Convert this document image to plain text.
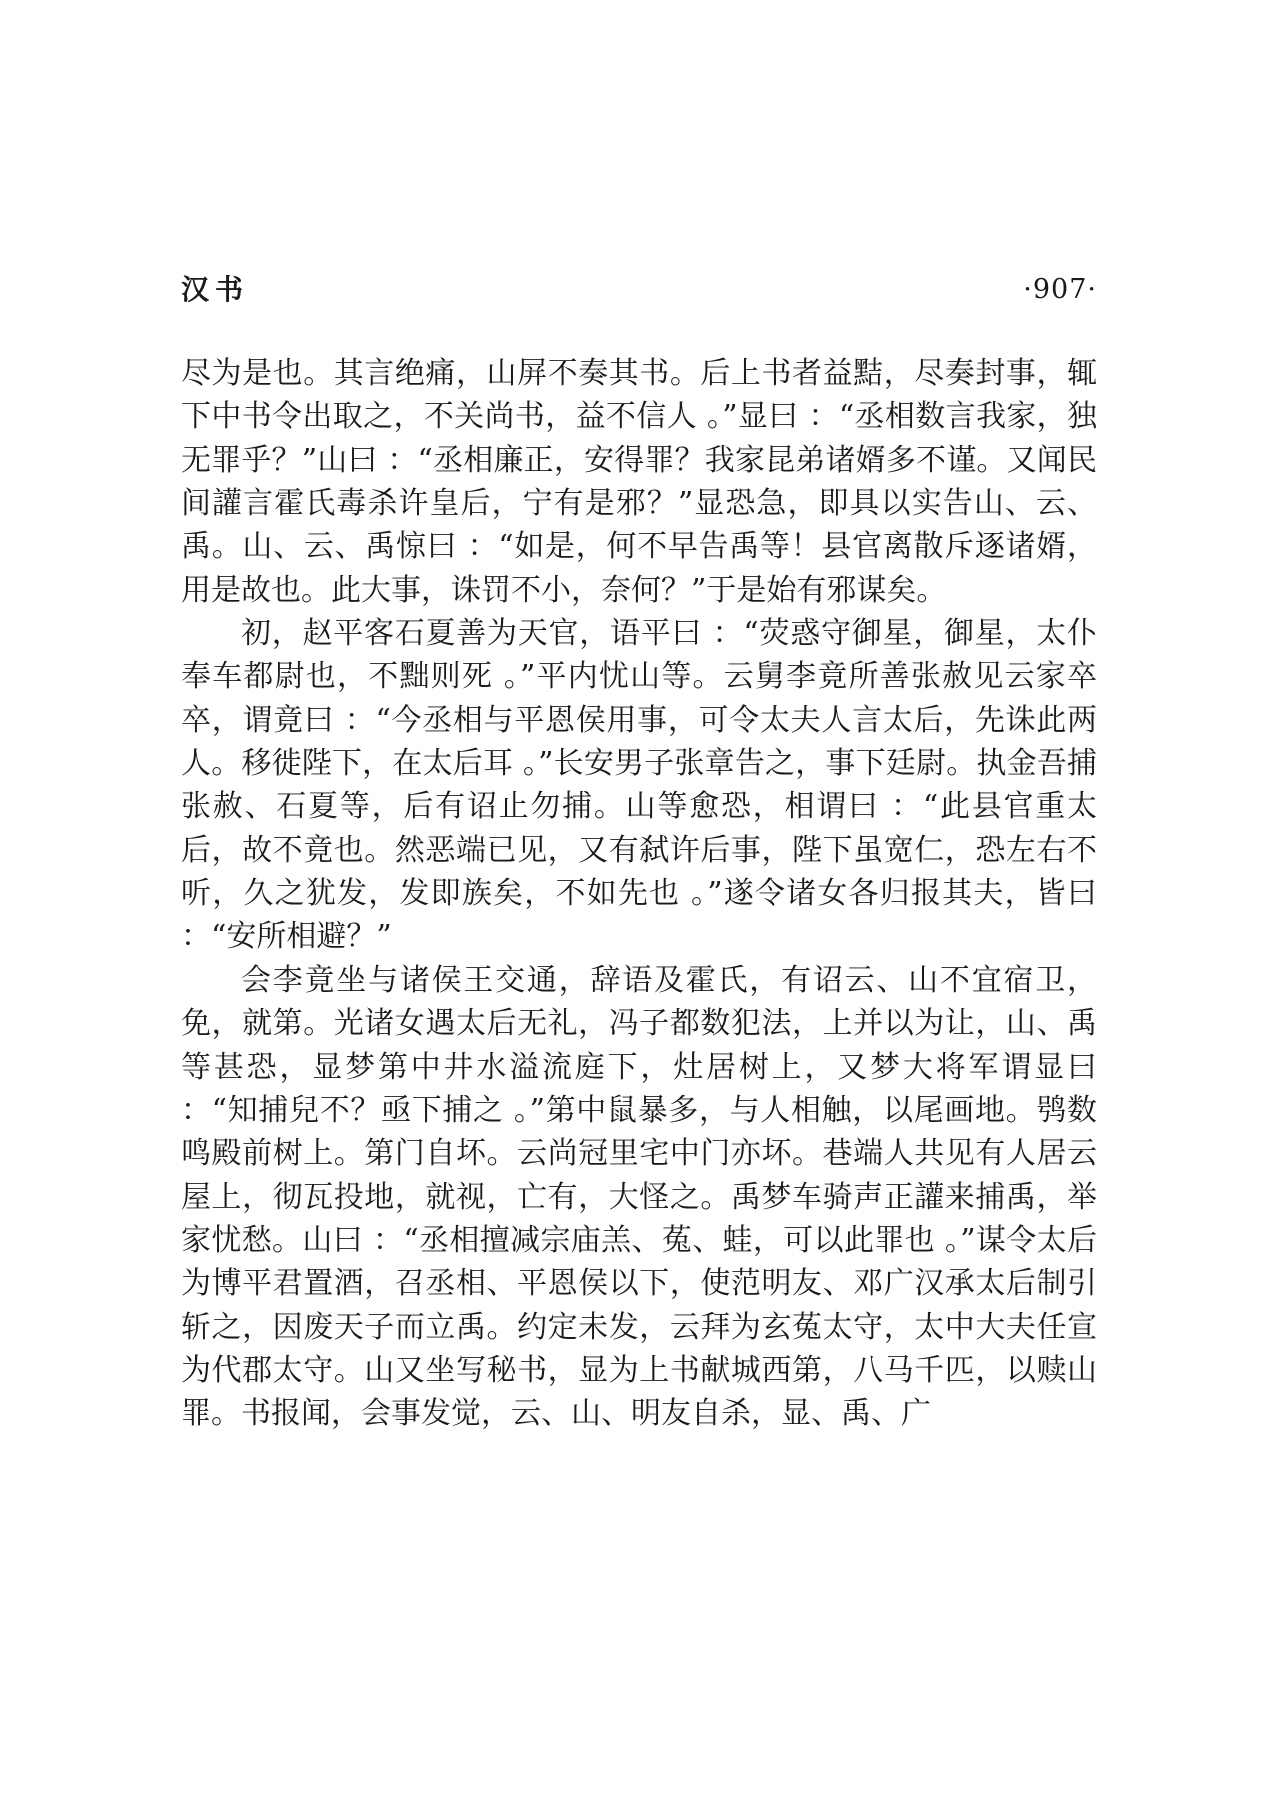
汉书	·907·

尽为是也。其言绝痛，山屏不奏其书。后上书者益黠，尽奏封事，辄下中书令出取之，不关尚书，益不信人 。”显曰 ：“丞相数言我家，独无罪乎？”山曰 ：“丞相廉正，安得罪？我家昆弟诸婿多不谨。又闻民间讙言霍氏毒杀许皇后，宁有是邪？”显恐急，即具以实告山、云、禹。山、云、禹惊曰 ：“如是，何不早告禹等！县官离散斥逐诸婿，用是故也。此大事，诛罚不小，奈何？”于是始有邪谋矣。

初，赵平客石夏善为天官，语平曰 ：“荧惑守御星，御星，太仆奉车都尉也，不黜则死 。”平内忧山等。云舅李竟所善张赦见云家卒卒，谓竟曰 ：“今丞相与平恩侯用事，可令太夫人言太后，先诛此两人。移徙陛下，在太后耳 。”长安男子张章告之，事下廷尉。执金吾捕张赦、石夏等，后有诏止勿捕。山等愈恐，相谓曰 ：“此县官重太后，故不竟也。然恶端已见，又有弑许后事，陛下虽宽仁，恐左右不听，久之犹发，发即族矣，不如先也 。”遂令诸女各归报其夫，皆曰 ：“安所相避？”

会李竟坐与诸侯王交通，辞语及霍氏，有诏云、山不宜宿卫，免，就第。光诸女遇太后无礼，冯子都数犯法，上并以为让，山、禹等甚恐，显梦第中井水溢流庭下，灶居树上，又梦大将军谓显曰 ：“知捕兒不？亟下捕之 。”第中鼠暴多，与人相触，以尾画地。鸮数鸣殿前树上。第门自坏。云尚冠里宅中门亦坏。巷端人共见有人居云屋上，彻瓦投地，就视，亡有，大怪之。禹梦车骑声正讙来捕禹，举家忧愁。山曰 ：“丞相擅减宗庙羔、菟、蛙，可以此罪也 。”谋令太后为博平君置酒，召丞相、平恩侯以下，使范明友、邓广汉承太后制引斩之，因废天子而立禹。约定未发，云拜为玄菟太守，太中大夫任宣为代郡太守。山又坐写秘书，显为上书献城西第，八马千匹，以赎山罪。书报闻，会事发觉，云、山、明友自杀，显、禹、广
